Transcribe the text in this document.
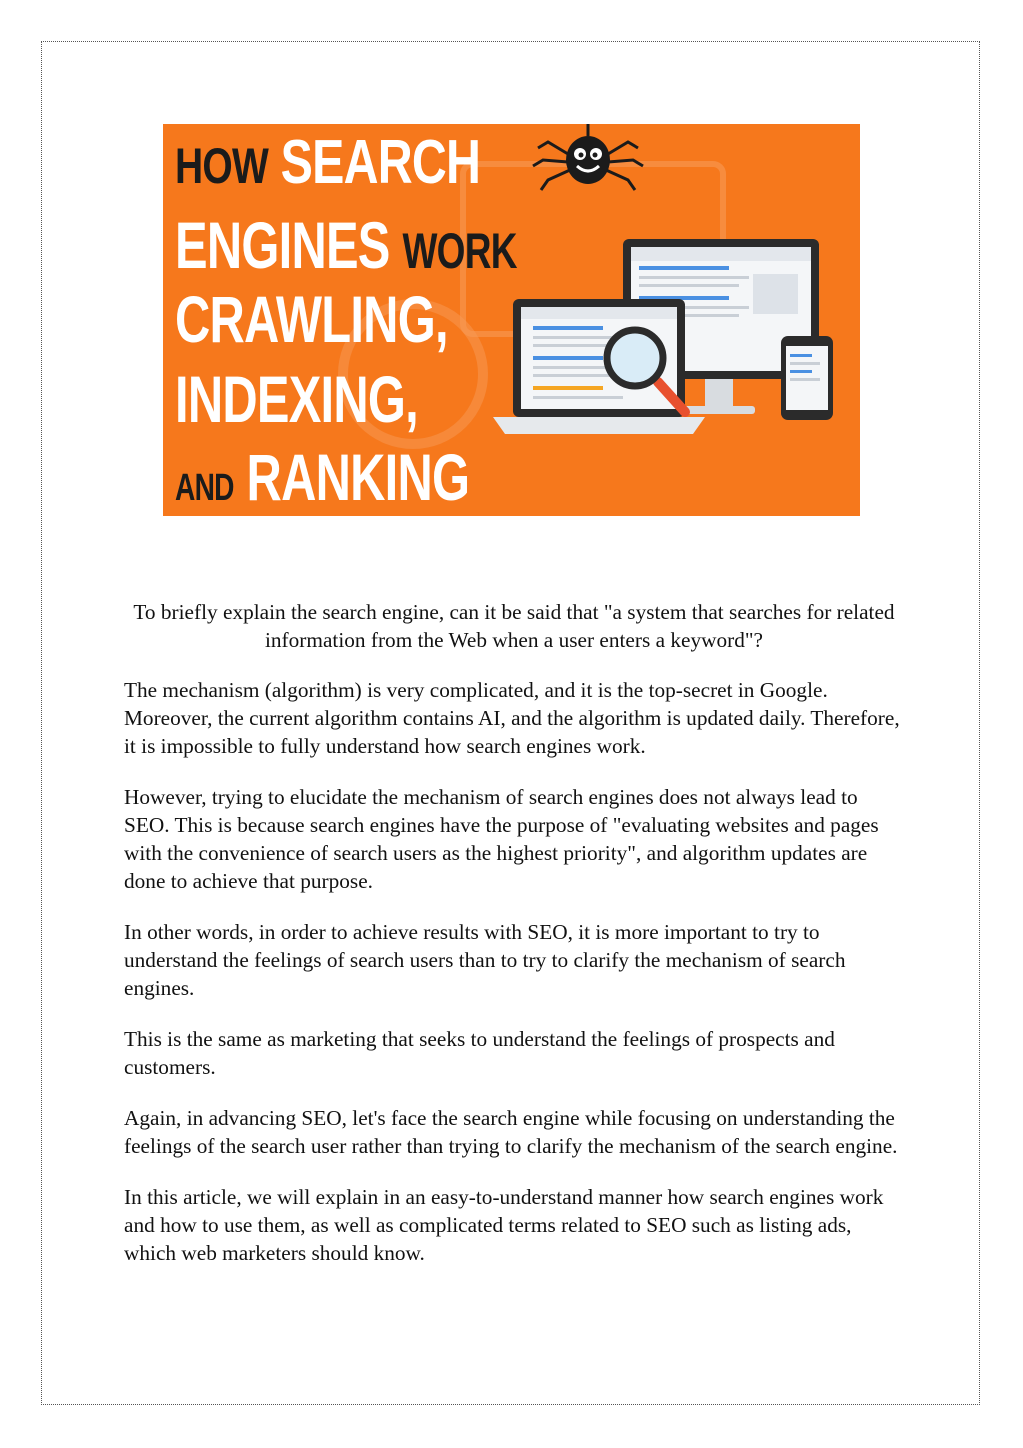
HOW SEARCH
ENGINES WORK
CRAWLING,
INDEXING,
AND RANKING

To briefly explain the search engine, can it be said that "a system that searches for related information from the Web when a user enters a keyword"?

The mechanism (algorithm) is very complicated, and it is the top-secret in Google. Moreover, the current algorithm contains AI, and the algorithm is updated daily. Therefore, it is impossible to fully understand how search engines work.

However, trying to elucidate the mechanism of search engines does not always lead to SEO. This is because search engines have the purpose of "evaluating websites and pages with the convenience of search users as the highest priority", and algorithm updates are done to achieve that purpose.

In other words, in order to achieve results with SEO, it is more important to try to understand the feelings of search users than to try to clarify the mechanism of search engines.

This is the same as marketing that seeks to understand the feelings of prospects and customers.

Again, in advancing SEO, let's face the search engine while focusing on understanding the feelings of the search user rather than trying to clarify the mechanism of the search engine.

In this article, we will explain in an easy-to-understand manner how search engines work and how to use them, as well as complicated terms related to SEO such as listing ads, which web marketers should know.
